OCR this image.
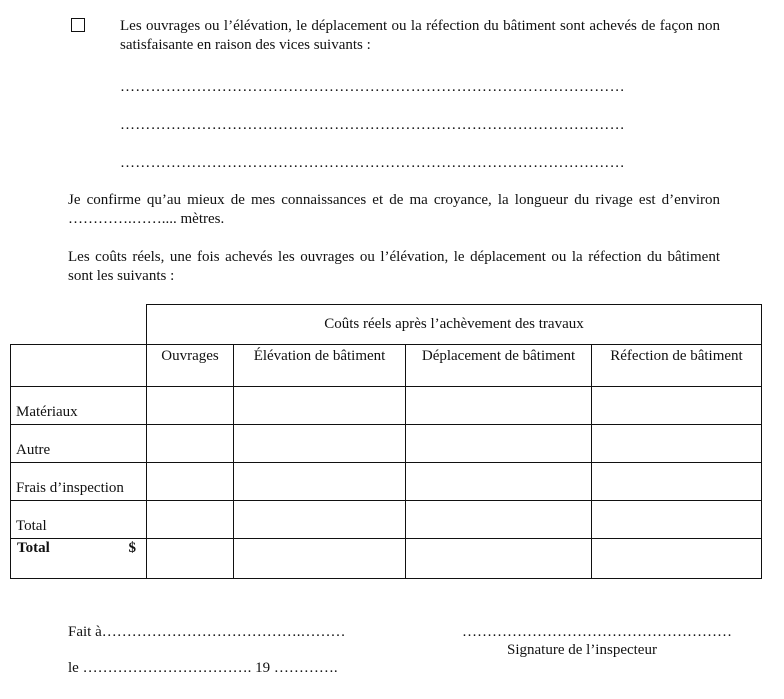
Les ouvrages ou l’élévation, le déplacement ou la réfection du bâtiment sont achevés de façon non satisfaisante en raison des vices suivants :
………………………………………………………………………………………
………………………………………………………………………………………
………………………………………………………………………………………
Je confirme qu’au mieux de mes connaissances et de ma croyance, la longueur du rivage est d’environ ………….…….... mètres.
Les coûts réels, une fois achevés les ouvrages ou l’élévation, le déplacement ou la réfection du bâtiment sont les suivants :
	Coûts réels après l’achèvement des travaux			
	Ouvrages	Élévation de bâtiment	Déplacement de bâtiment	Réfection de bâtiment
Matériaux				
Autre				
Frais d’inspection				
Total				
Total $				

Fait à………………………………….………	………………………………………………
Signature de l’inspecteur
le ……………………………. 19 ………….
